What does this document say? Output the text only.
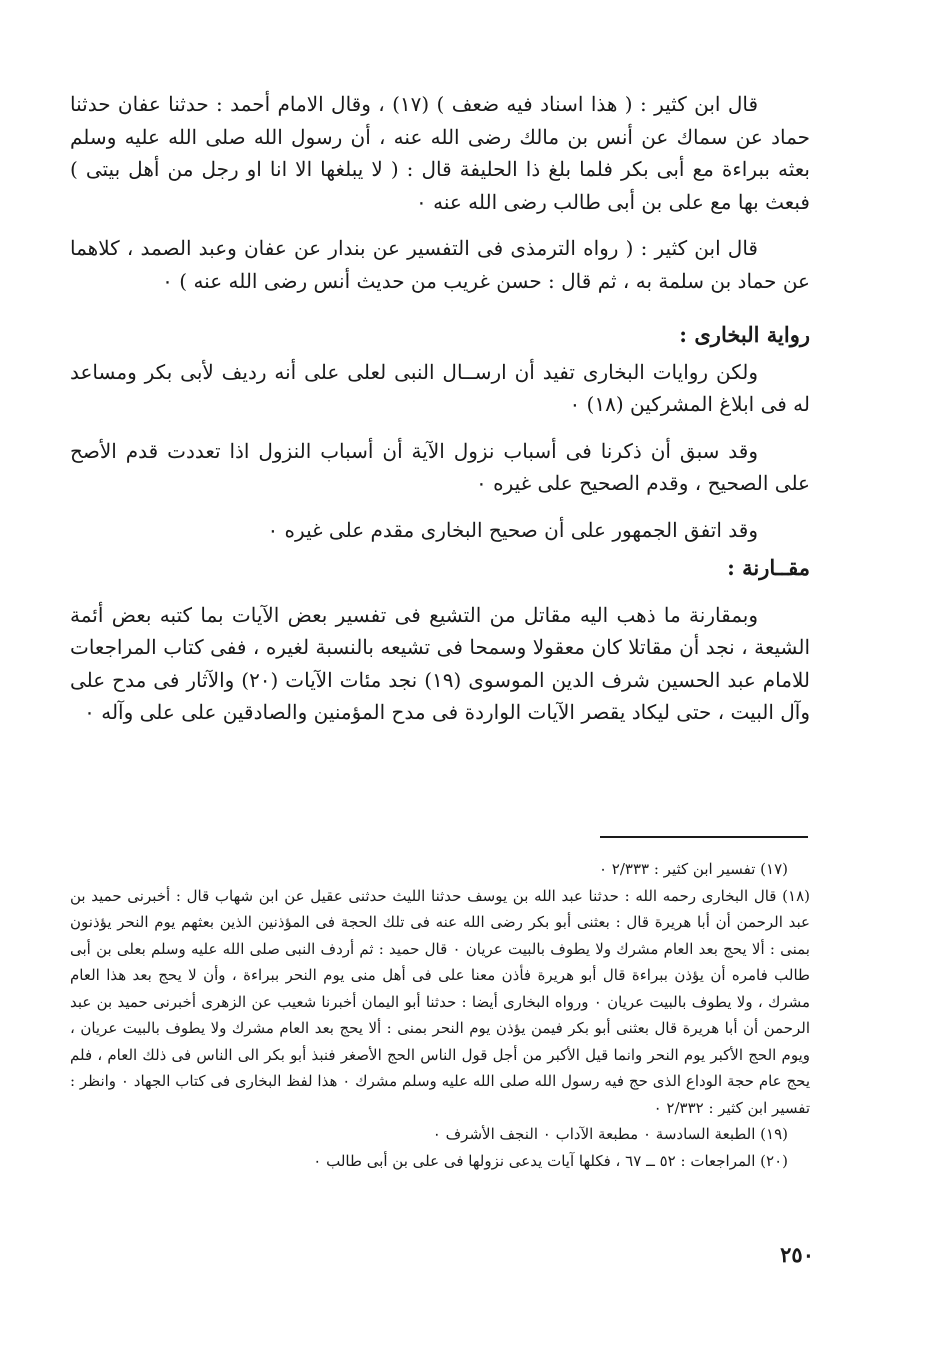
قال ابن كثير : ( هذا اسناد فيه ضعف ) (١٧) ، وقال الامام أحمد : حدثنا عفان حدثنا حماد عن سماك عن أنس بن مالك رضى الله عنه ، أن رسول الله صلى الله عليه وسلم بعثه ببراءة مع أبى بكر فلما بلغ ذا الحليفة قال : ( لا يبلغها الا انا او رجل من أهل بيتى ) فبعث بها مع على بن أبى طالب رضى الله عنه ٠

قال ابن كثير : ( رواه الترمذى فى التفسير عن بندار عن عفان وعبد الصمد ، كلاهما عن حماد بن سلمة به ، ثم قال : حسن غريب من حديث أنس رضى الله عنه ) ٠

رواية البخارى :

ولكن روايات البخارى تفيد أن ارســال النبى لعلى على أنه رديف لأبى بكر ومساعد له فى ابلاغ المشركين (١٨) ٠

وقد سبق أن ذكرنا فى أسباب نزول الآية أن أسباب النزول اذا تعددت قدم الأصح على الصحيح ، وقدم الصحيح على غيره ٠

وقد اتفق الجمهور على أن صحيح البخارى مقدم على غيره ٠

مقــارنة :

وبمقارنة ما ذهب اليه مقاتل من التشيع فى تفسير بعض الآيات بما كتبه بعض أئمة الشيعة ، نجد أن مقاتلا كان معقولا وسمحا فى تشيعه بالنسبة لغيره ، ففى كتاب المراجعات للامام عبد الحسين شرف الدين الموسوى (١٩) نجد مئات الآيات (٢٠) والآثار فى مدح على وآل البيت ، حتى ليكاد يقصر الآيات الواردة فى مدح المؤمنين والصادقين على على وآله ٠

(١٧) تفسير ابن كثير : ٢/٣٣٣ ٠

(١٨) قال البخارى رحمه الله : حدثنا عبد الله بن يوسف حدثنا الليث حدثنى عقيل عن ابن شهاب قال : أخبرنى حميد بن عبد الرحمن أن أبا هريرة قال : بعثنى أبو بكر رضى الله عنه فى تلك الحجة فى المؤذنين الذين بعثهم يوم النحر يؤذنون بمنى : ألا يحج بعد العام مشرك ولا يطوف بالبيت عريان ٠ قال حميد : ثم أردف النبى صلى الله عليه وسلم بعلى بن أبى طالب فامره أن يؤذن ببراءة قال أبو هريرة فأذن معنا على فى أهل منى يوم النحر ببراءة ، وأن لا يحج بعد هذا العام مشرك ، ولا يطوف بالبيت عريان ٠ ورواه البخارى أيضا : حدثنا أبو اليمان أخبرنا شعيب عن الزهرى أخبرنى حميد بن عبد الرحمن أن أبا هريرة قال بعثنى أبو بكر فيمن يؤذن يوم النحر بمنى : ألا يحج بعد العام مشرك ولا يطوف بالبيت عريان ، ويوم الحج الأكبر يوم النحر وانما قيل الأكبر من أجل قول الناس الحج الأصغر فنبذ أبو بكر الى الناس فى ذلك العام ، فلم يحج عام حجة الوداع الذى حج فيه رسول الله صلى الله عليه وسلم مشرك ٠ هذا لفظ البخارى فى كتاب الجهاد ٠ وانظر : تفسير ابن كثير : ٢/٣٣٢ ٠

(١٩) الطبعة السادسة ٠ مطبعة الآداب ٠ النجف الأشرف ٠

(٢٠) المراجعات : ٥٢ ــ ٦٧ ، فكلها آيات يدعى نزولها فى على بن أبى طالب ٠

٢٥٠
